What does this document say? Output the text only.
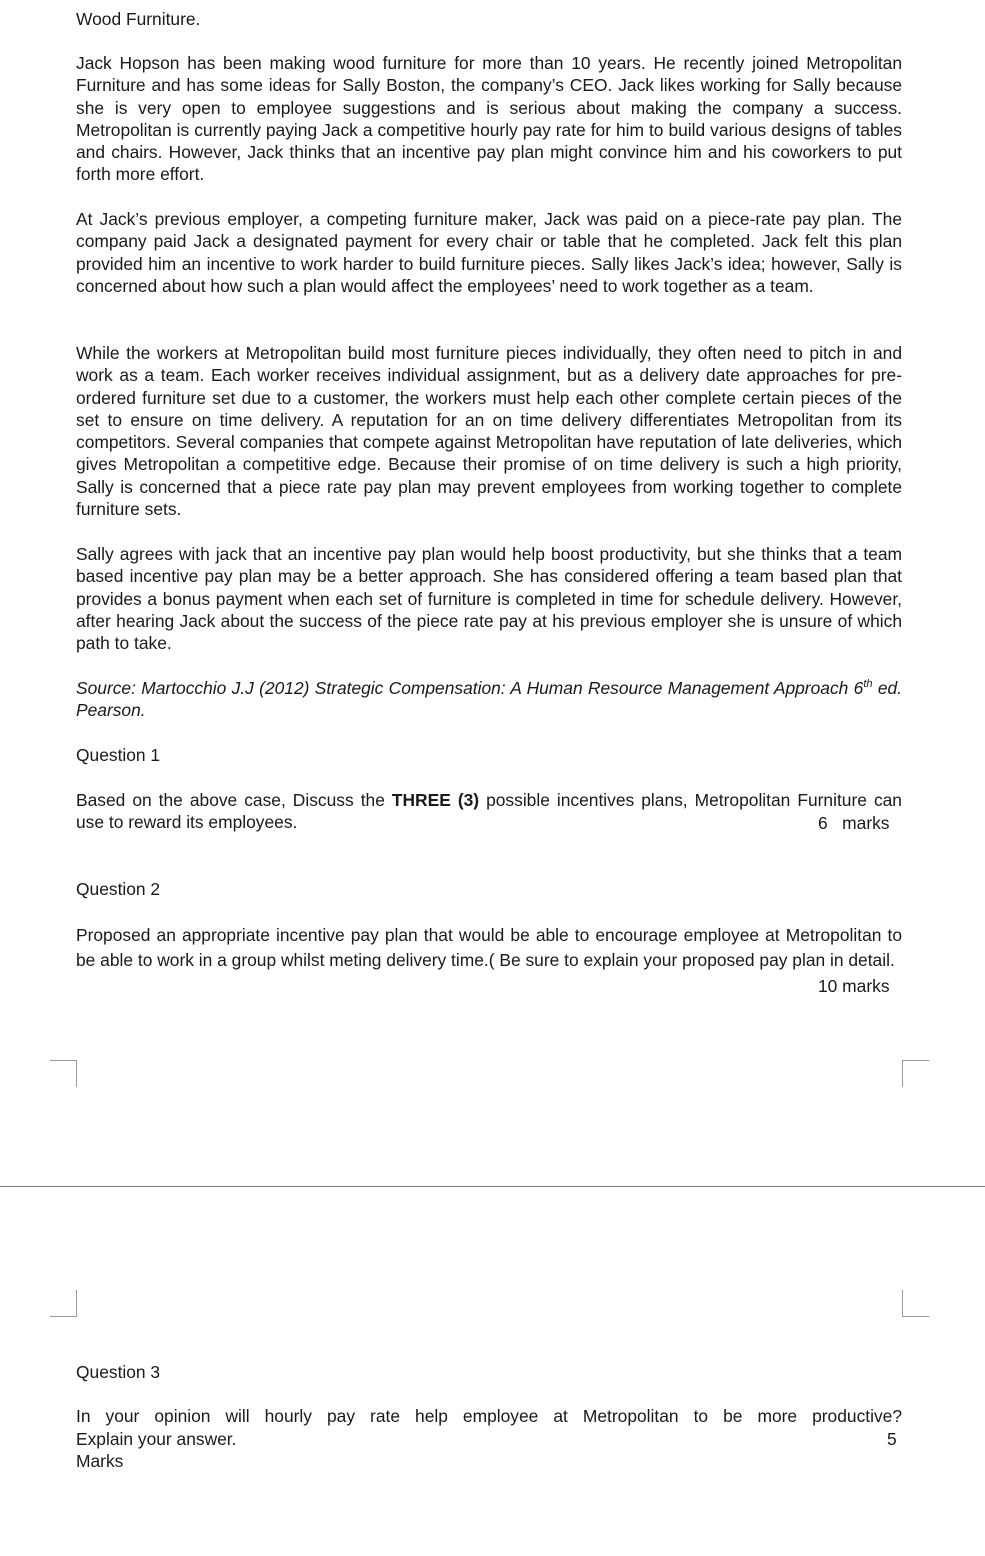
Wood Furniture.

Jack Hopson has been making wood furniture for more than 10 years. He recently joined Metropolitan Furniture and has some ideas for Sally Boston, the company’s CEO. Jack likes working for Sally because she is very open to employee suggestions and is serious about making the company a success. Metropolitan is currently paying Jack a competitive hourly pay rate for him to build various designs of tables and chairs. However, Jack thinks that an incentive pay plan might convince him and his coworkers to put forth more effort.

At Jack’s previous employer, a competing furniture maker, Jack was paid on a piece-rate pay plan. The company paid Jack a designated payment for every chair or table that he completed. Jack felt this plan provided him an incentive to work harder to build furniture pieces. Sally likes Jack’s idea; however, Sally is concerned about how such a plan would affect the employees’ need to work together as a team.

While the workers at Metropolitan build most furniture pieces individually, they often need to pitch in and work as a team. Each worker receives individual assignment, but as a delivery date approaches for pre-ordered furniture set due to a customer, the workers must help each other complete certain pieces of the set to ensure on time delivery. A reputation for an on time delivery differentiates Metropolitan from its competitors. Several companies that compete against Metropolitan have reputation of late deliveries, which gives Metropolitan a competitive edge. Because their promise of on time delivery is such a high priority, Sally is concerned that a piece rate pay plan may prevent employees from working together to complete furniture sets.

Sally agrees with jack that an incentive pay plan would help boost productivity, but she thinks that a team based incentive pay plan may be a better approach. She has considered offering a team based plan that provides a bonus payment when each set of furniture is completed in time for schedule delivery. However, after hearing Jack about the success of the piece rate pay at his previous employer she is unsure of which path to take.

Source: Martocchio J.J (2012) Strategic Compensation: A Human Resource Management Approach 6th ed. Pearson.

Question 1

Based on the above case, Discuss the THREE (3) possible incentives plans, Metropolitan Furniture can use to reward its employees.	6   marks

Question 2

Proposed an appropriate incentive pay plan that would be able to encourage employee at Metropolitan to be able to work in a group whilst meting delivery time.( Be sure to explain your proposed pay plan in detail.

10 marks

Question 3

In your opinion will hourly pay rate help employee at Metropolitan to be more productive?

Explain your answer.	5

Marks
